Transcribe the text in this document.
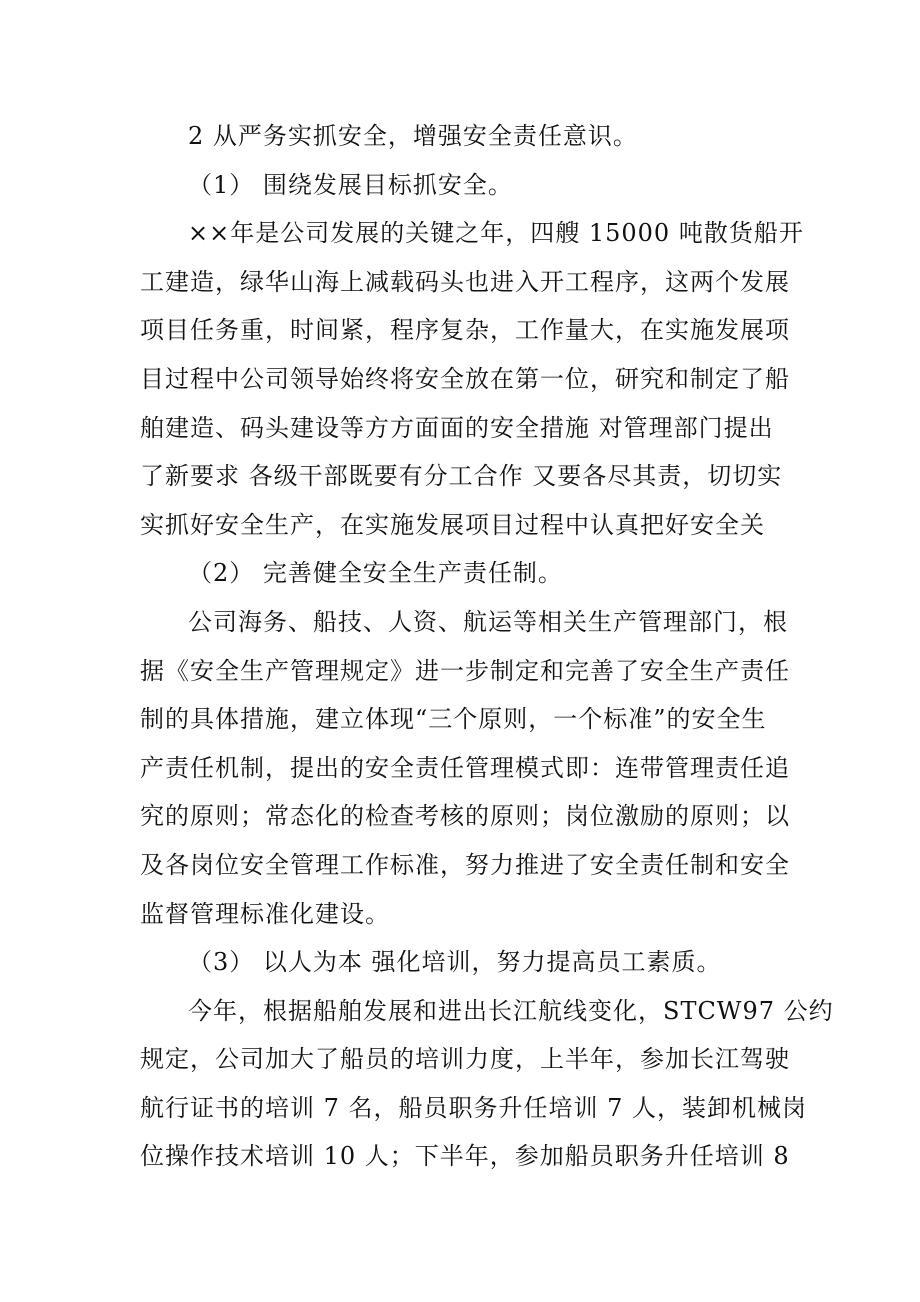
2 从严务实抓安全，增强安全责任意识。
（1） 围绕发展目标抓安全。
××年是公司发展的关键之年，四艘 15000 吨散货船开
工建造，绿华山海上减载码头也进入开工程序，这两个发展
项目任务重，时间紧，程序复杂，工作量大，在实施发展项
目过程中公司领导始终将安全放在第一位，研究和制定了船
舶建造、码头建设等方方面面的安全措施 对管理部门提出
了新要求 各级干部既要有分工合作 又要各尽其责，切切实
实抓好安全生产，在实施发展项目过程中认真把好安全关
（2） 完善健全安全生产责任制。
公司海务、船技、人资、航运等相关生产管理部门，根
据《安全生产管理规定》进一步制定和完善了安全生产责任
制的具体措施，建立体现“三个原则，一个标准”的安全生
产责任机制，提出的安全责任管理模式即：连带管理责任追
究的原则；常态化的检查考核的原则；岗位激励的原则；以
及各岗位安全管理工作标准，努力推进了安全责任制和安全
监督管理标准化建设。
（3） 以人为本 强化培训，努力提高员工素质。
今年，根据船舶发展和进出长江航线变化，STCW97 公约
规定，公司加大了船员的培训力度，上半年，参加长江驾驶
航行证书的培训 7 名，船员职务升任培训 7 人，装卸机械岗
位操作技术培训 10 人；下半年，参加船员职务升任培训 8
